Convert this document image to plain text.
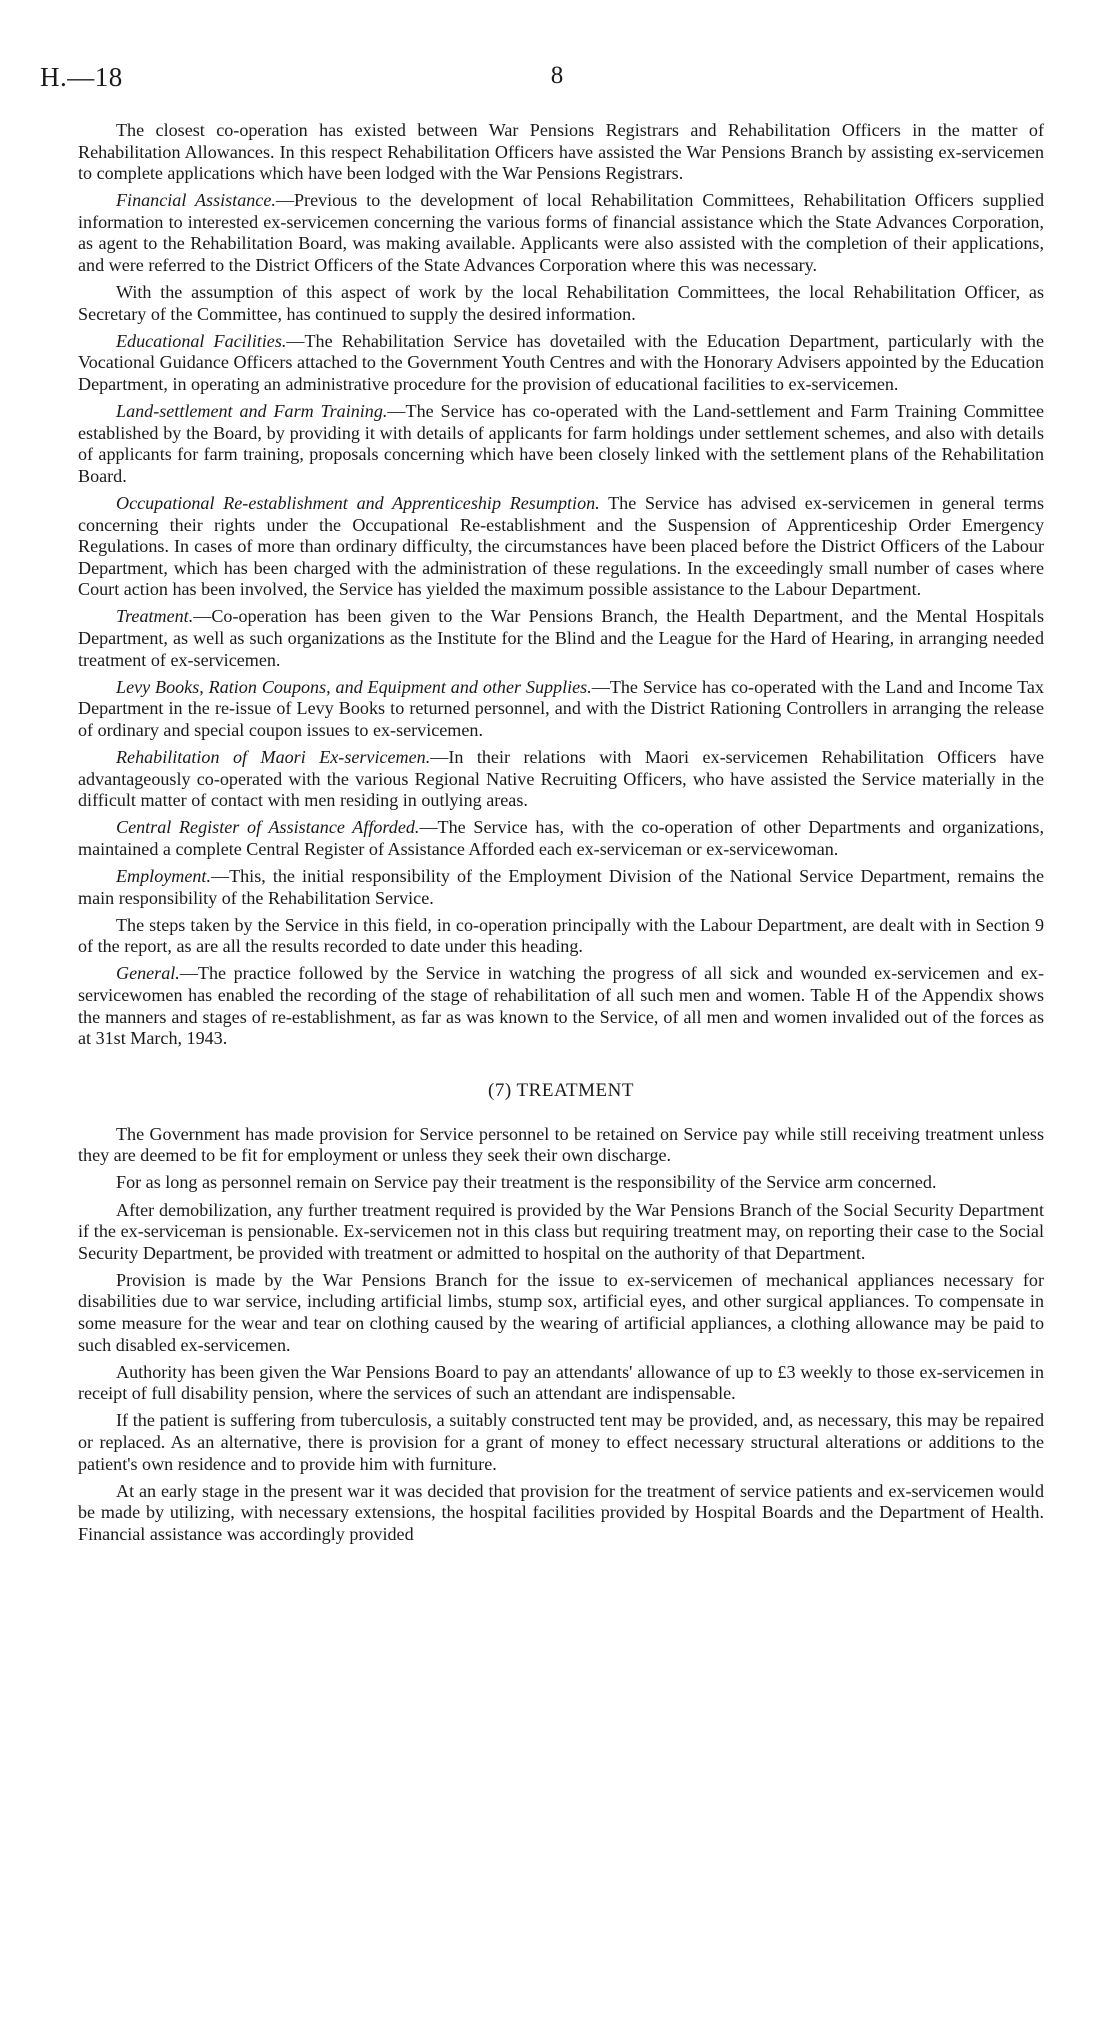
H.—18	8

The closest co-operation has existed between War Pensions Registrars and Rehabilitation Officers in the matter of Rehabilitation Allowances. In this respect Rehabilitation Officers have assisted the War Pensions Branch by assisting ex-servicemen to complete applications which have been lodged with the War Pensions Registrars.

Financial Assistance.—Previous to the development of local Rehabilitation Committees, Rehabilitation Officers supplied information to interested ex-servicemen concerning the various forms of financial assistance which the State Advances Corporation, as agent to the Rehabilitation Board, was making available. Applicants were also assisted with the completion of their applications, and were referred to the District Officers of the State Advances Corporation where this was necessary.

With the assumption of this aspect of work by the local Rehabilitation Committees, the local Rehabilitation Officer, as Secretary of the Committee, has continued to supply the desired information.

Educational Facilities.—The Rehabilitation Service has dovetailed with the Education Department, particularly with the Vocational Guidance Officers attached to the Government Youth Centres and with the Honorary Advisers appointed by the Education Department, in operating an administrative procedure for the provision of educational facilities to ex-servicemen.

Land-settlement and Farm Training.—The Service has co-operated with the Land-settlement and Farm Training Committee established by the Board, by providing it with details of applicants for farm holdings under settlement schemes, and also with details of applicants for farm training, proposals concerning which have been closely linked with the settlement plans of the Rehabilitation Board.

Occupational Re-establishment and Apprenticeship Resumption. The Service has advised ex-servicemen in general terms concerning their rights under the Occupational Re-establishment and the Suspension of Apprenticeship Order Emergency Regulations. In cases of more than ordinary difficulty, the circumstances have been placed before the District Officers of the Labour Department, which has been charged with the administration of these regulations. In the exceedingly small number of cases where Court action has been involved, the Service has yielded the maximum possible assistance to the Labour Department.

Treatment.—Co-operation has been given to the War Pensions Branch, the Health Department, and the Mental Hospitals Department, as well as such organizations as the Institute for the Blind and the League for the Hard of Hearing, in arranging needed treatment of ex-servicemen.

Levy Books, Ration Coupons, and Equipment and other Supplies.—The Service has co-operated with the Land and Income Tax Department in the re-issue of Levy Books to returned personnel, and with the District Rationing Controllers in arranging the release of ordinary and special coupon issues to ex-servicemen.

Rehabilitation of Maori Ex-servicemen.—In their relations with Maori ex-servicemen Rehabilitation Officers have advantageously co-operated with the various Regional Native Recruiting Officers, who have assisted the Service materially in the difficult matter of contact with men residing in outlying areas.

Central Register of Assistance Afforded.—The Service has, with the co-operation of other Departments and organizations, maintained a complete Central Register of Assistance Afforded each ex-serviceman or ex-servicewoman.

Employment.—This, the initial responsibility of the Employment Division of the National Service Department, remains the main responsibility of the Rehabilitation Service.

The steps taken by the Service in this field, in co-operation principally with the Labour Department, are dealt with in Section 9 of the report, as are all the results recorded to date under this heading.

General.—The practice followed by the Service in watching the progress of all sick and wounded ex-servicemen and ex-servicewomen has enabled the recording of the stage of rehabilitation of all such men and women. Table H of the Appendix shows the manners and stages of re-establishment, as far as was known to the Service, of all men and women invalided out of the forces as at 31st March, 1943.

(7) TREATMENT

The Government has made provision for Service personnel to be retained on Service pay while still receiving treatment unless they are deemed to be fit for employment or unless they seek their own discharge.

For as long as personnel remain on Service pay their treatment is the responsibility of the Service arm concerned.

After demobilization, any further treatment required is provided by the War Pensions Branch of the Social Security Department if the ex-serviceman is pensionable. Ex-servicemen not in this class but requiring treatment may, on reporting their case to the Social Security Department, be provided with treatment or admitted to hospital on the authority of that Department.

Provision is made by the War Pensions Branch for the issue to ex-servicemen of mechanical appliances necessary for disabilities due to war service, including artificial limbs, stump sox, artificial eyes, and other surgical appliances. To compensate in some measure for the wear and tear on clothing caused by the wearing of artificial appliances, a clothing allowance may be paid to such disabled ex-servicemen.

Authority has been given the War Pensions Board to pay an attendants' allowance of up to £3 weekly to those ex-servicemen in receipt of full disability pension, where the services of such an attendant are indispensable.

If the patient is suffering from tuberculosis, a suitably constructed tent may be provided, and, as necessary, this may be repaired or replaced. As an alternative, there is provision for a grant of money to effect necessary structural alterations or additions to the patient's own residence and to provide him with furniture.

At an early stage in the present war it was decided that provision for the treatment of service patients and ex-servicemen would be made by utilizing, with necessary extensions, the hospital facilities provided by Hospital Boards and the Department of Health. Financial assistance was accordingly provided
